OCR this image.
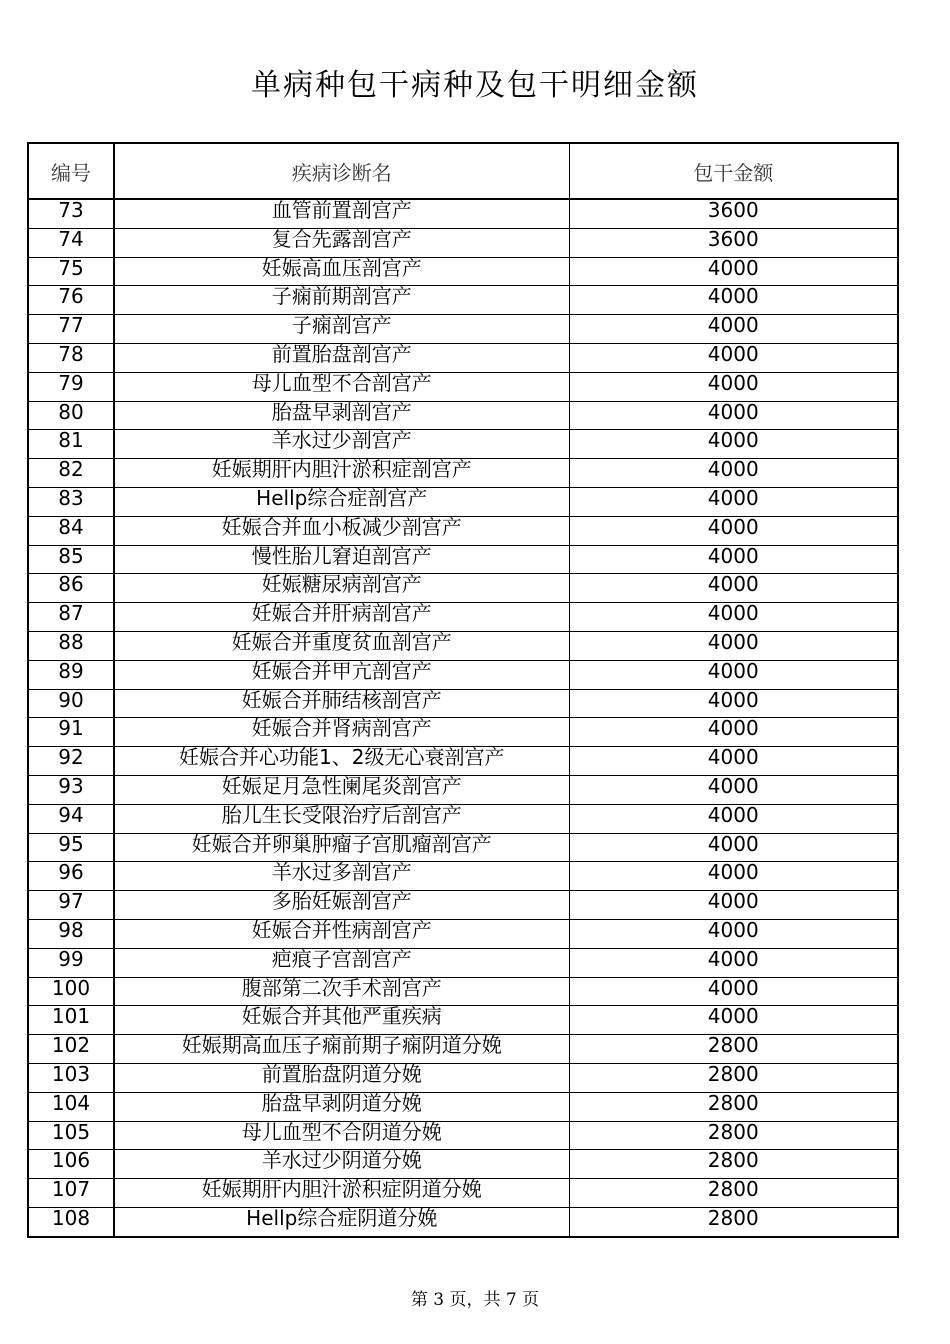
单病种包干病种及包干明细金额
编号	疾病诊断名	包干金额
73	血管前置剖宫产	3600
74	复合先露剖宫产	3600
75	妊娠高血压剖宫产	4000
76	子痫前期剖宫产	4000
77	子痫剖宫产	4000
78	前置胎盘剖宫产	4000
79	母儿血型不合剖宫产	4000
80	胎盘早剥剖宫产	4000
81	羊水过少剖宫产	4000
82	妊娠期肝内胆汁淤积症剖宫产	4000
83	Hellp综合症剖宫产	4000
84	妊娠合并血小板减少剖宫产	4000
85	慢性胎儿窘迫剖宫产	4000
86	妊娠糖尿病剖宫产	4000
87	妊娠合并肝病剖宫产	4000
88	妊娠合并重度贫血剖宫产	4000
89	妊娠合并甲亢剖宫产	4000
90	妊娠合并肺结核剖宫产	4000
91	妊娠合并肾病剖宫产	4000
92	妊娠合并心功能1、2级无心衰剖宫产	4000
93	妊娠足月急性阑尾炎剖宫产	4000
94	胎儿生长受限治疗后剖宫产	4000
95	妊娠合并卵巢肿瘤子宫肌瘤剖宫产	4000
96	羊水过多剖宫产	4000
97	多胎妊娠剖宫产	4000
98	妊娠合并性病剖宫产	4000
99	疤痕子宫剖宫产	4000
100	腹部第二次手术剖宫产	4000
101	妊娠合并其他严重疾病	4000
102	妊娠期高血压子痫前期子痫阴道分娩	2800
103	前置胎盘阴道分娩	2800
104	胎盘早剥阴道分娩	2800
105	母儿血型不合阴道分娩	2800
106	羊水过少阴道分娩	2800
107	妊娠期肝内胆汁淤积症阴道分娩	2800
108	Hellp综合症阴道分娩	2800
第 3 页，共 7 页
